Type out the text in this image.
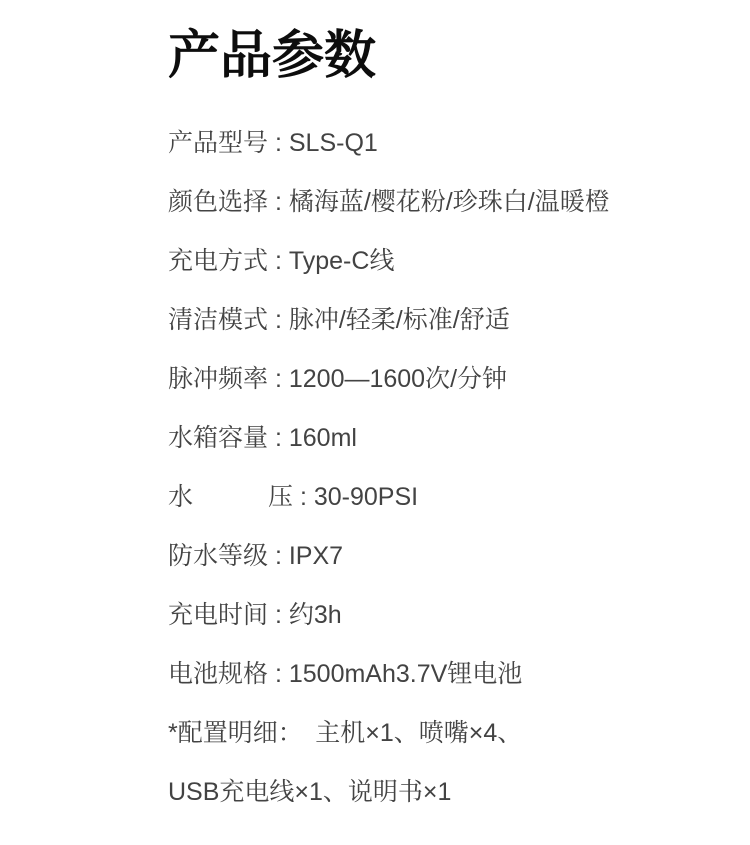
产品参数

产品型号 : SLS-Q1

颜色选择 : 橘海蓝/樱花粉/珍珠白/温暖橙

充电方式 : Type-C线

清洁模式 : 脉冲/轻柔/标准/舒适

脉冲频率 : 1200—1600次/分钟

水箱容量 : 160ml

水　　　压 : 30-90PSI

防水等级 : IPX7

充电时间 : 约3h

电池规格 : 1500mAh3.7V锂电池

*配置明细：　主机×1、喷嘴×4、

USB充电线×1、说明书×1
